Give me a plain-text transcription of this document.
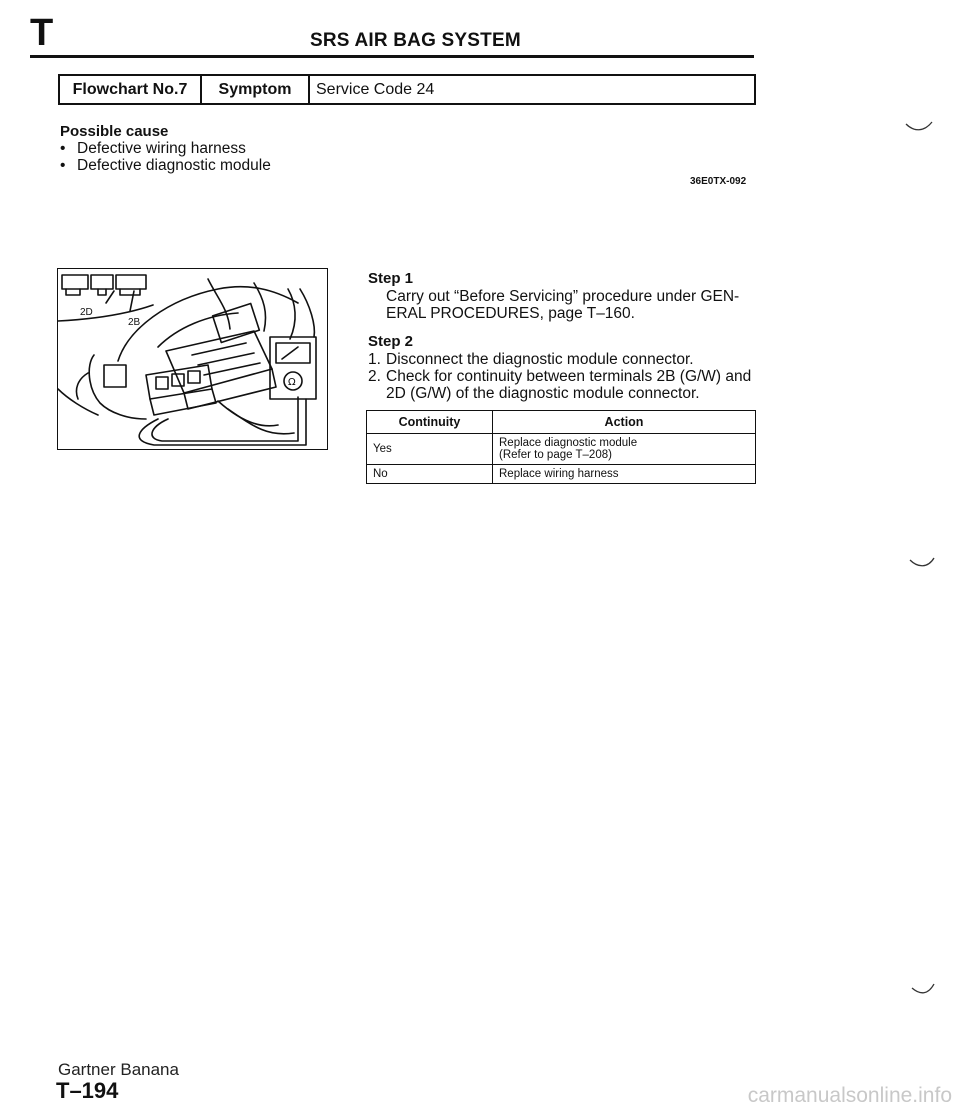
T	SRS AIR BAG SYSTEM
Flowchart No.7	Symptom	Service Code 24
Possible cause
• Defective wiring harness
• Defective diagnostic module
36E0TX-092
2D
2B
Ω
Step 1
Carry out “Before Servicing” procedure under GEN- ERAL PROCEDURES, page T–160.
Step 2
1. Disconnect the diagnostic module connector.
2. Check for continuity between terminals 2B (G/W) and 2D (G/W) of the diagnostic module connector.
Continuity	Action
Yes	Replace diagnostic module
(Refer to page T–208)

No	Replace wiring harness
Gartner Banana
T–194	carmanualsonline.info
